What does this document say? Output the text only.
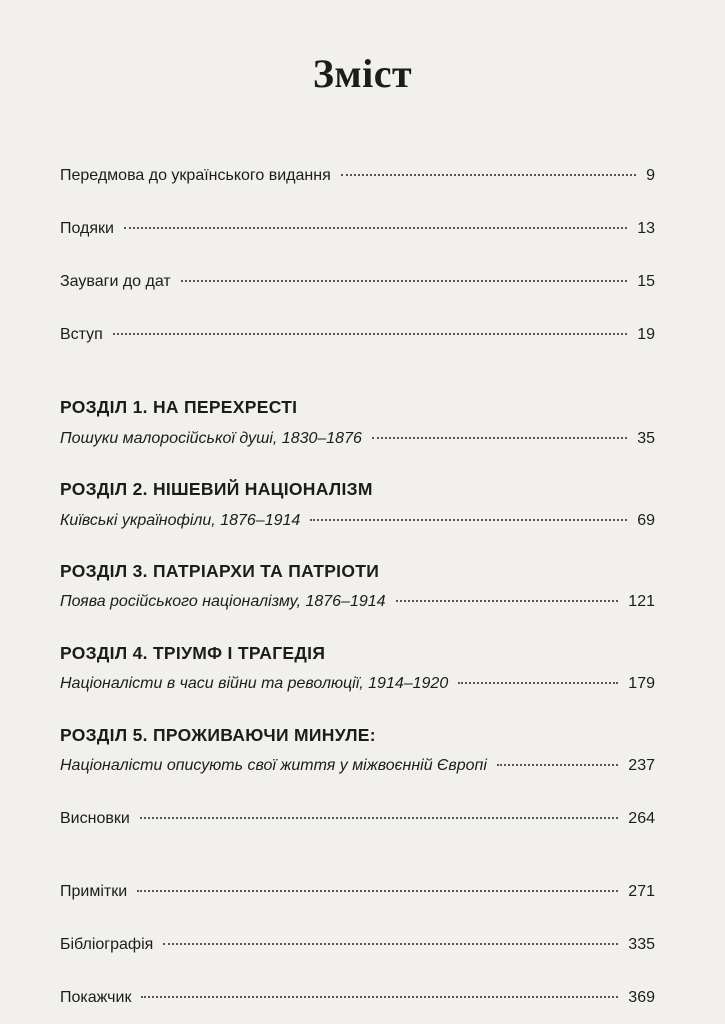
Зміст
Передмова до українського видання	9
Подяки	13
Зауваги до дат	15
Вступ	19
РОЗДІЛ 1. НА ПЕРЕХРЕСТІ
Пошуки малоросійської душі, 1830–1876	35
РОЗДІЛ 2. НІШЕВИЙ НАЦІОНАЛІЗМ
Київські українофіли, 1876–1914	69
РОЗДІЛ 3. ПАТРІАРХИ ТА ПАТРІОТИ
Поява російського націоналізму, 1876–1914	121
РОЗДІЛ 4. ТРІУМФ І ТРАГЕДІЯ
Націоналісти в часи війни та революції, 1914–1920	179
РОЗДІЛ 5. ПРОЖИВАЮЧИ МИНУЛЕ:
Націоналісти описують свої життя у міжвоєнній Європі	237
Висновки	264
Примітки	271
Бібліографія	335
Покажчик	369
